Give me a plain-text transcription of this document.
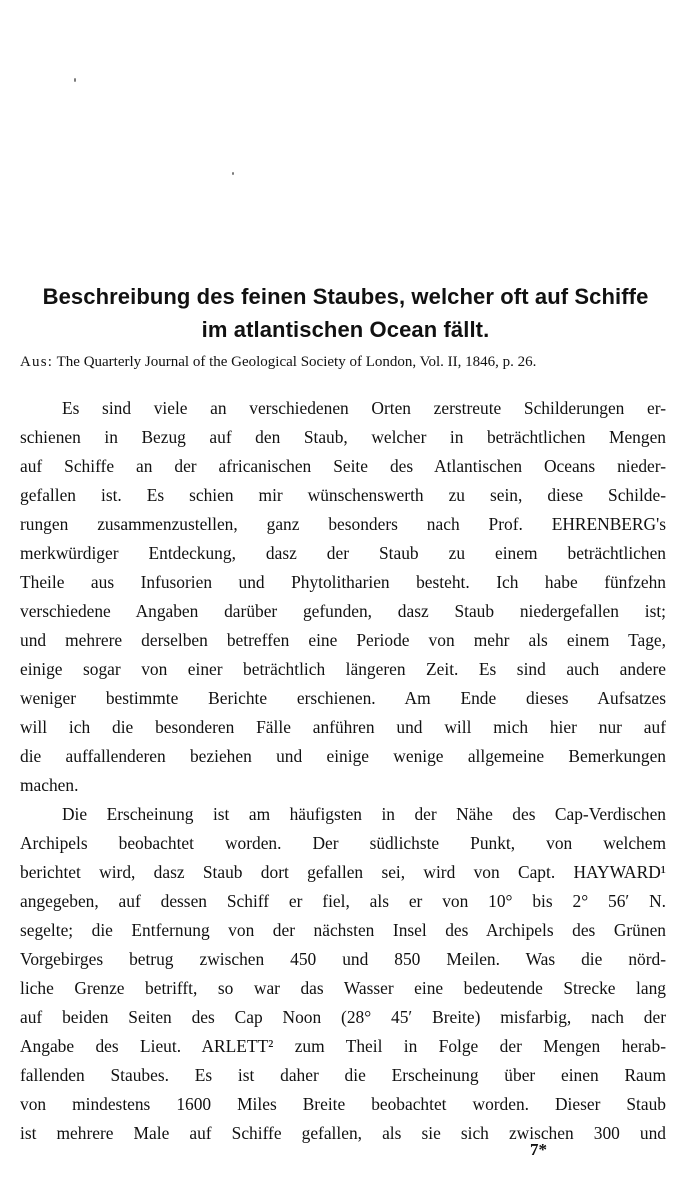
Beschreibung des feinen Staubes, welcher oft auf Schiffe
im atlantischen Ocean fällt.
Aus: The Quarterly Journal of the Geological Society of London, Vol. II, 1846, p. 26.
Es sind viele an verschiedenen Orten zerstreute Schilderungen er-
schienen in Bezug auf den Staub, welcher in beträchtlichen Mengen
auf Schiffe an der africanischen Seite des Atlantischen Oceans nieder-
gefallen ist. Es schien mir wünschenswerth zu sein, diese Schilde-
rungen zusammenzustellen, ganz besonders nach Prof. EHRENBERG's
merkwürdiger Entdeckung, dasz der Staub zu einem beträchtlichen
Theile aus Infusorien und Phytolitharien besteht. Ich habe fünfzehn
verschiedene Angaben darüber gefunden, dasz Staub niedergefallen ist;
und mehrere derselben betreffen eine Periode von mehr als einem Tage,
einige sogar von einer beträchtlich längeren Zeit. Es sind auch andere
weniger bestimmte Berichte erschienen. Am Ende dieses Aufsatzes
will ich die besonderen Fälle anführen und will mich hier nur auf
die auffallenderen beziehen und einige wenige allgemeine Bemerkungen
machen.
Die Erscheinung ist am häufigsten in der Nähe des Cap-Verdischen
Archipels beobachtet worden. Der südlichste Punkt, von welchem
berichtet wird, dasz Staub dort gefallen sei, wird von Capt. HAYWARD¹
angegeben, auf dessen Schiff er fiel, als er von 10° bis 2° 56′ N.
segelte; die Entfernung von der nächsten Insel des Archipels des Grünen
Vorgebirges betrug zwischen 450 und 850 Meilen. Was die nörd-
liche Grenze betrifft, so war das Wasser eine bedeutende Strecke lang
auf beiden Seiten des Cap Noon (28° 45′ Breite) misfarbig, nach der
Angabe des Lieut. ARLETT² zum Theil in Folge der Mengen herab-
fallenden Staubes. Es ist daher die Erscheinung über einen Raum
von mindestens 1600 Miles Breite beobachtet worden. Dieser Staub
ist mehrere Male auf Schiffe gefallen, als sie sich zwischen 300 und
7*
